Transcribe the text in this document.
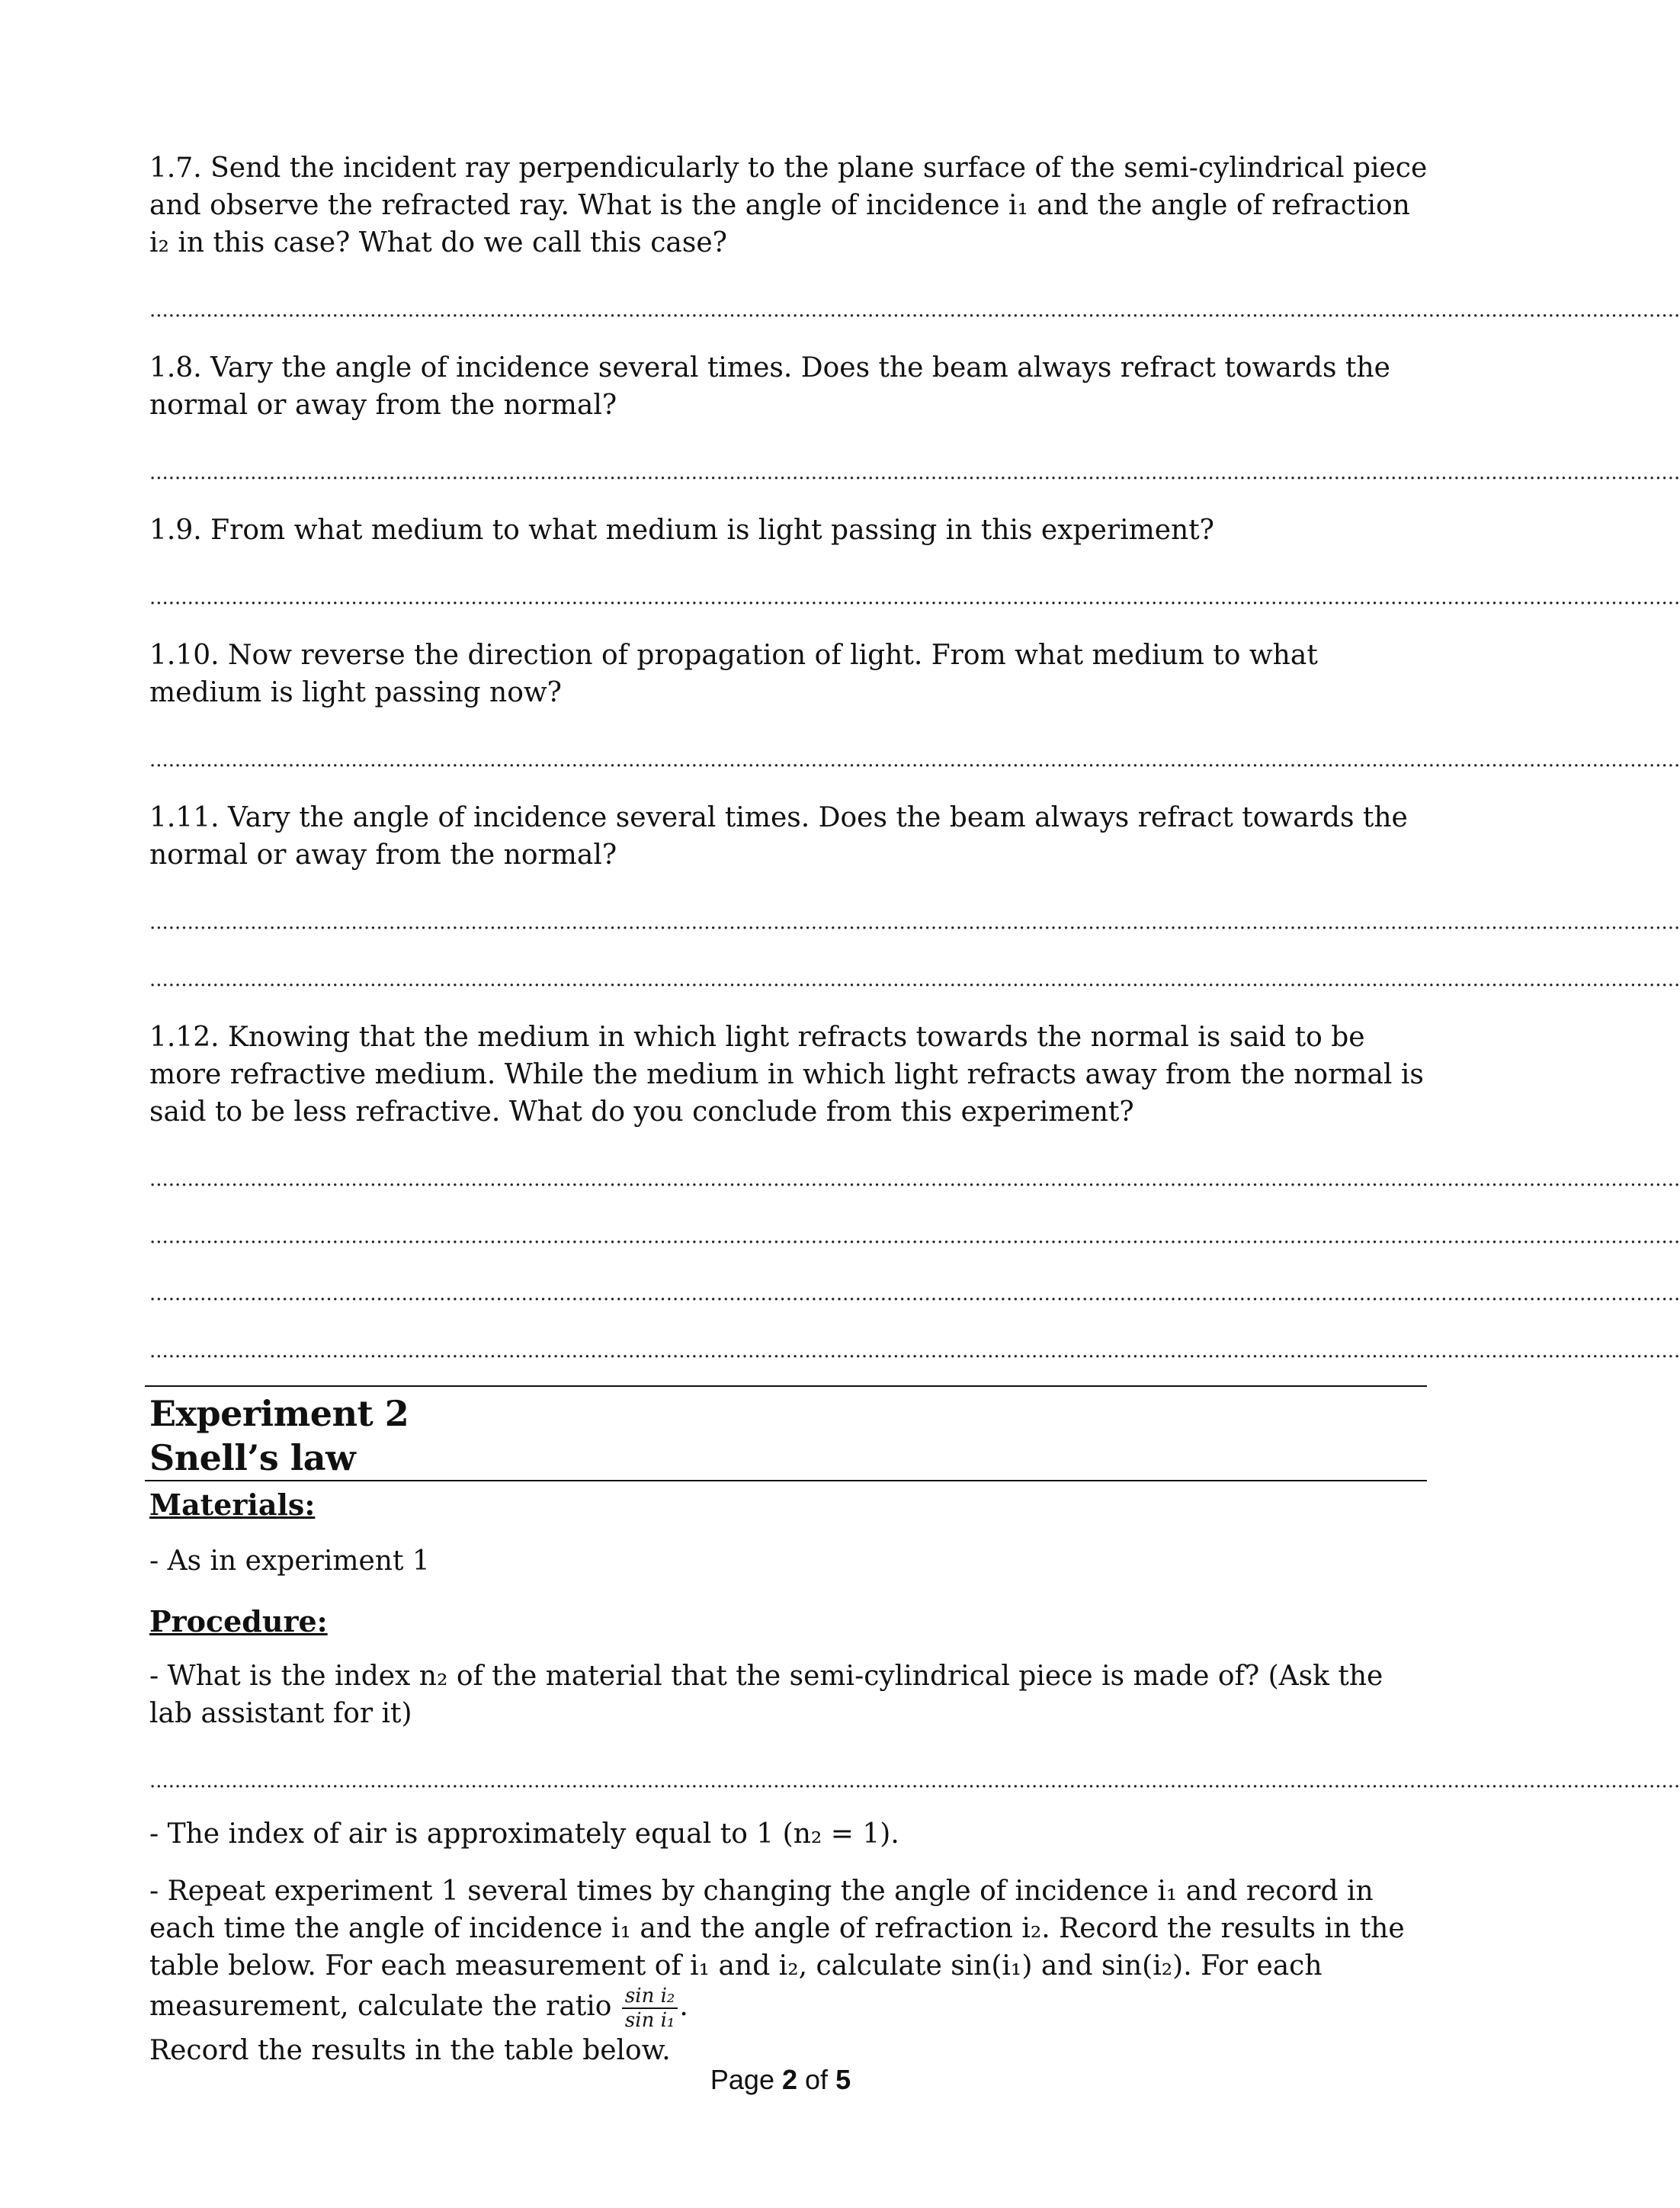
1.7. Send the incident ray perpendicularly to the plane surface of the semi-cylindrical piece and observe the refracted ray. What is the angle of incidence i₁ and the angle of refraction i₂ in this case? What do we call this case?

...................................................................................................................................................................................................................................................

1.8. Vary the angle of incidence several times. Does the beam always refract towards the normal or away from the normal?

...................................................................................................................................................................................................................................................

1.9. From what medium to what medium is light passing in this experiment?

...................................................................................................................................................................................................................................................

1.10. Now reverse the direction of propagation of light. From what medium to what medium is light passing now?

...................................................................................................................................................................................................................................................

1.11. Vary the angle of incidence several times. Does the beam always refract towards the normal or away from the normal?

...................................................................................................................................................................................................................................................
...................................................................................................................................................................................................................................................

1.12. Knowing that the medium in which light refracts towards the normal is said to be more refractive medium. While the medium in which light refracts away from the normal is said to be less refractive. What do you conclude from this experiment?

...................................................................................................................................................................................................................................................
...................................................................................................................................................................................................................................................
...................................................................................................................................................................................................................................................
...................................................................................................................................................................................................................................................

Experiment 2

Snell’s law

Materials:

- As in experiment 1

Procedure:

- What is the index n₂ of the material that the semi-cylindrical piece is made of? (Ask the lab assistant for it)

...................................................................................................................................................................................................................................................

- The index of air is approximately equal to 1 (n₂ = 1).

- Repeat experiment 1 several times by changing the angle of incidence i₁ and record in each time the angle of incidence i₁ and the angle of refraction i₂. Record the results in the table below. For each measurement of i₁ and i₂, calculate sin(i₁) and sin(i₂). For each measurement, calculate the ratio $\frac{\text{sin i₂}}{\text{sin i₁}}$ .
Record the results in the table below.

Page 2 of 5
